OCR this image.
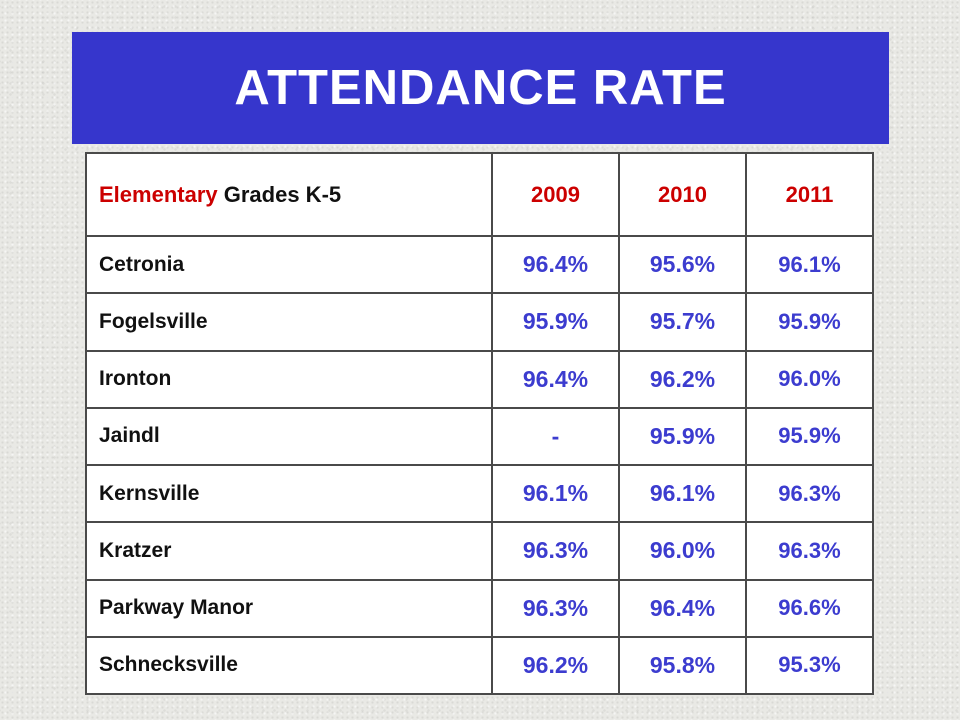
ATTENDANCE RATE
Elementary Grades K-5	2009	2010	2011
Cetronia	96.4%	95.6%	96.1%
Fogelsville	95.9%	95.7%	95.9%
Ironton	96.4%	96.2%	96.0%
Jaindl	-	95.9%	95.9%
Kernsville	96.1%	96.1%	96.3%
Kratzer	96.3%	96.0%	96.3%
Parkway Manor	96.3%	96.4%	96.6%
Schnecksville	96.2%	95.8%	95.3%
